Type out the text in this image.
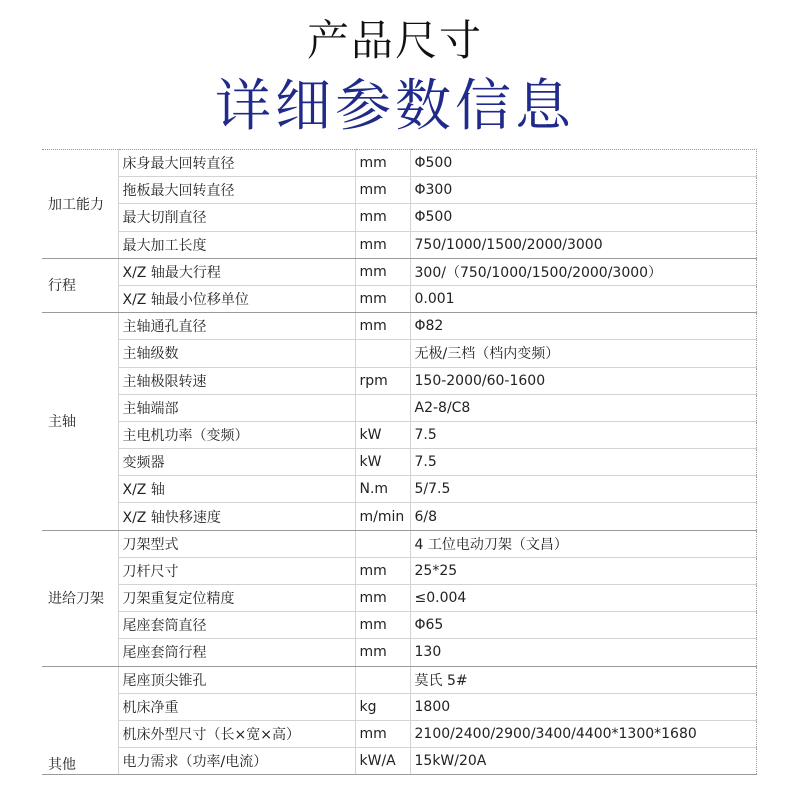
产品尺寸
详细参数信息
加工能力	床身最大回转直径	mm	Φ500
	拖板最大回转直径	mm	Φ300
	最大切削直径	mm	Φ500
	最大加工长度	mm	750/1000/1500/2000/3000
行程	X/Z 轴最大行程	mm	300/（750/1000/1500/2000/3000）
	X/Z 轴最小位移单位	mm	0.001
主轴	主轴通孔直径	mm	Φ82
	主轴级数		无极/三档（档内变频）
	主轴极限转速	rpm	150-2000/60-1600
	主轴端部		A2-8/C8
	主电机功率（变频）	kW	7.5
	变频器	kW	7.5
	X/Z 轴	N.m	5/7.5
	X/Z 轴快移速度	m/min	6/8
进给刀架	刀架型式		4 工位电动刀架（文昌）
	刀杆尺寸	mm	25*25
	刀架重复定位精度	mm	≤0.004
	尾座套筒直径	mm	Φ65
	尾座套筒行程	mm	130
其他	尾座顶尖锥孔		莫氏 5#
	机床净重	kg	1800
	机床外型尺寸（长×宽×高）	mm	2100/2400/2900/3400/4400*1300*1680
	电力需求（功率/电流）	kW/A	15kW/20A
